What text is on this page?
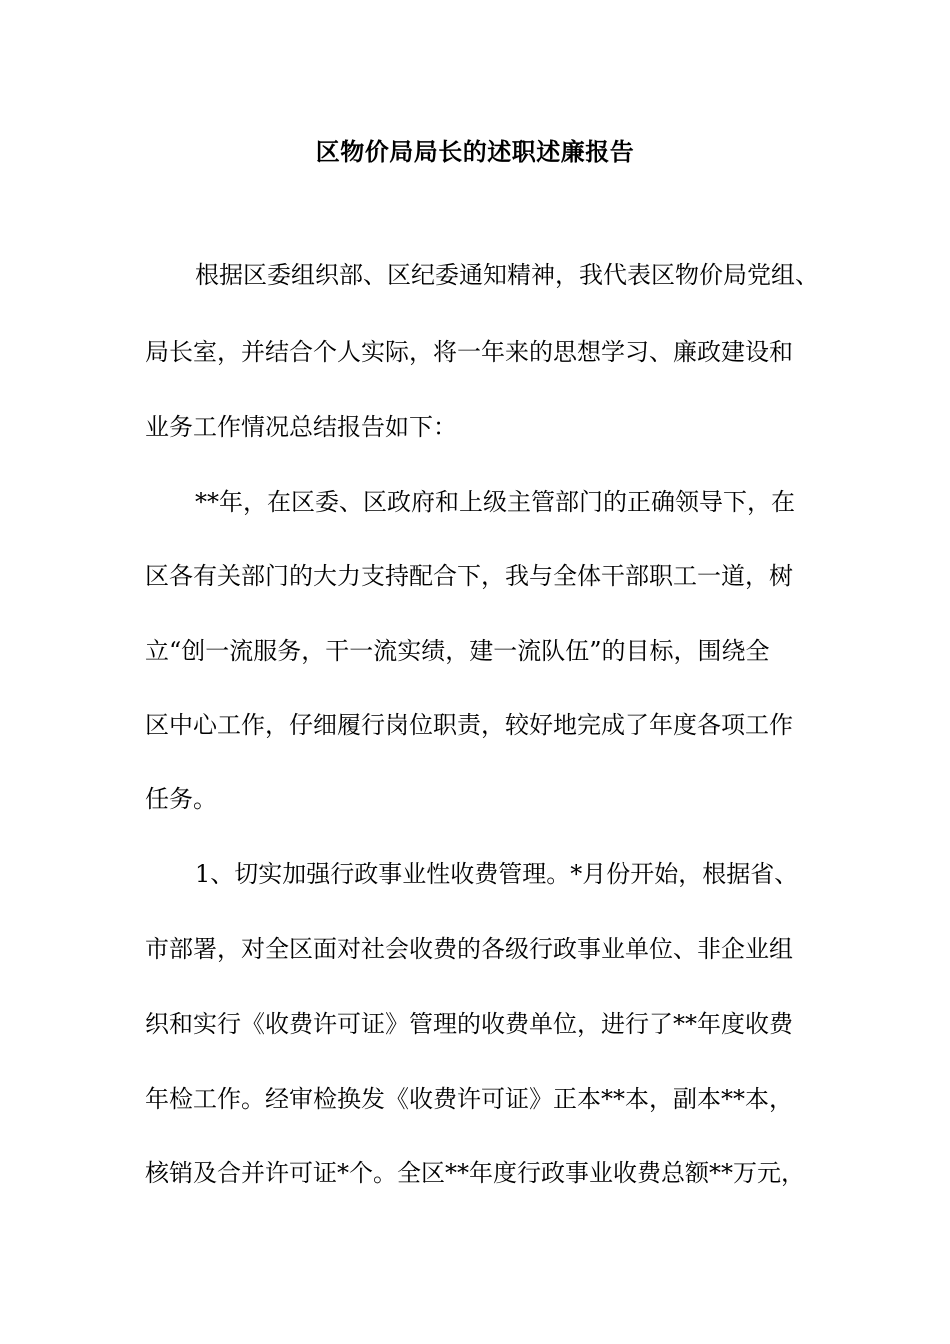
区物价局局长的述职述廉报告

根据区委组织部、区纪委通知精神，我代表区物价局党组、

局长室，并结合个人实际，将一年来的思想学习、廉政建设和

业务工作情况总结报告如下：

**年，在区委、区政府和上级主管部门的正确领导下，在

区各有关部门的大力支持配合下，我与全体干部职工一道，树

立“创一流服务，干一流实绩，建一流队伍”的目标，围绕全

区中心工作，仔细履行岗位职责，较好地完成了年度各项工作

任务。

1、切实加强行政事业性收费管理。*月份开始，根据省、

市部署，对全区面对社会收费的各级行政事业单位、非企业组

织和实行《收费许可证》管理的收费单位，进行了**年度收费

年检工作。经审检换发《收费许可证》正本**本，副本**本，

核销及合并许可证*个。全区**年度行政事业收费总额**万元，
